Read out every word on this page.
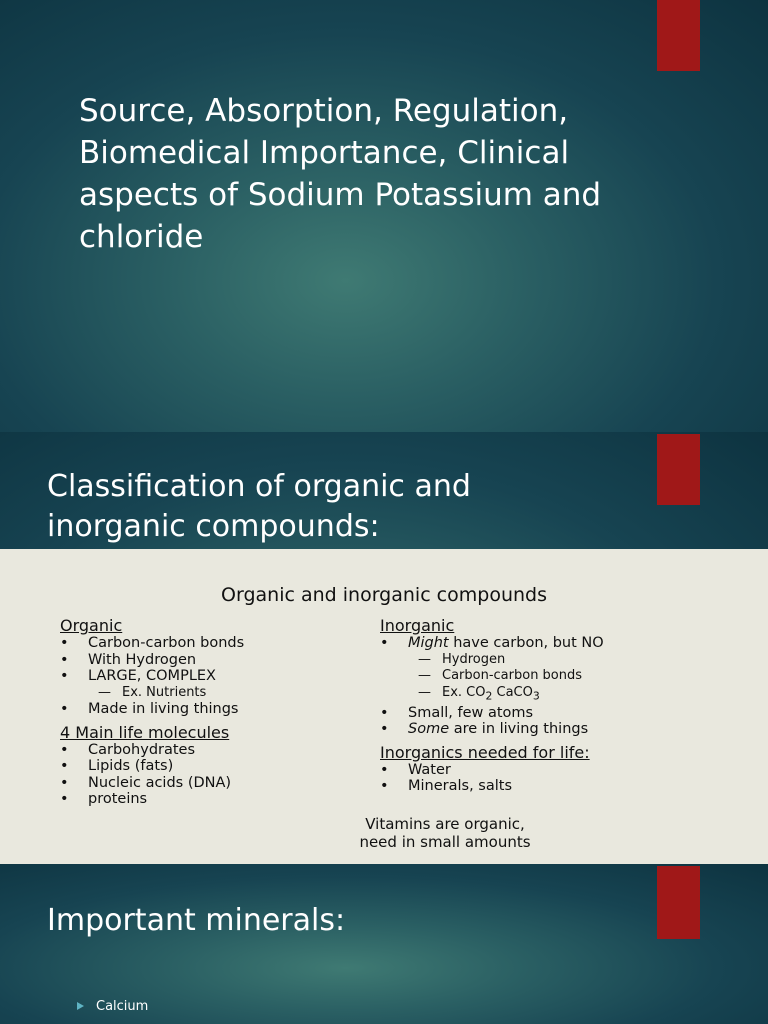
Source, Absorption, Regulation, Biomedical Importance, Clinical aspects of Sodium Potassium and chloride
Classification of organic and inorganic compounds:
Organic and inorganic compounds
Organic
• Carbon-carbon bonds
• With Hydrogen
• LARGE, COMPLEX
— Ex. Nutrients
• Made in living things
4 Main life molecules
• Carbohydrates
• Lipids (fats)
• Nucleic acids (DNA)
• proteins
Inorganic
• Might have carbon, but NO
— Hydrogen
— Carbon-carbon bonds
— Ex. $CO_2$ CaCO$_3$
• Small, few atoms
• Some are in living things
Inorganics needed for life:
• Water
• Minerals, salts
Vitamins are organic,
need in small amounts
Important minerals:
Calcium
